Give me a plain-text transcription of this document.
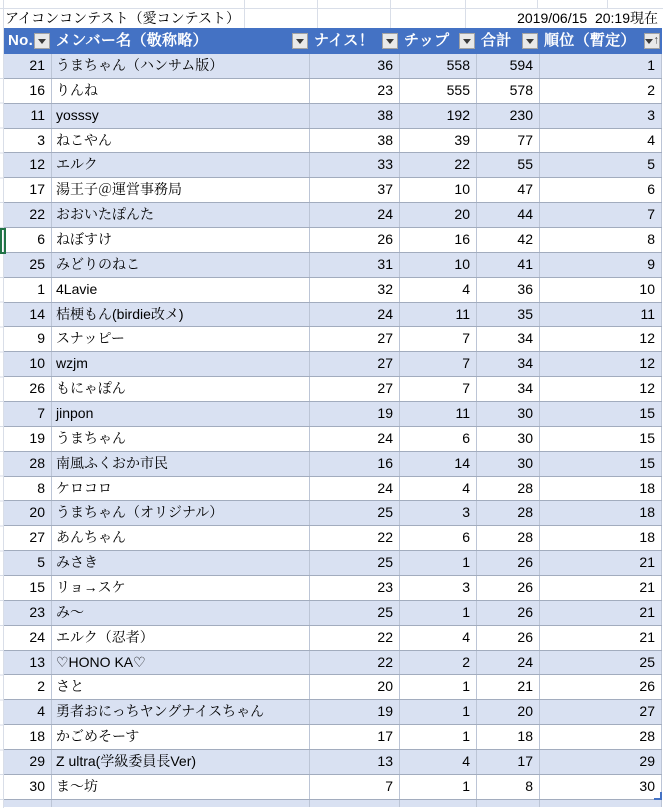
アイコンコンテスト（愛コンテスト）	2019/06/15  20:19現在
No.	メンバー名（敬称略）	ナイス！	チップ	合計	順位（暫定） ↑
21 うまちゃん（ハンサム版）	36	558	594	1
16 りんね	23	555	578	2
11 yosssy	38	192	230	3
3 ねこやん	38	39	77	4
12 エルク	33	22	55	5
17 湯王子＠運営事務局	37	10	47	6
22 おおいたぽんた	24	20	44	7
6 ねぼすけ	26	16	42	8
25 みどりのねこ	31	10	41	9
1 4Lavie	32	4	36	10
14 桔梗もん(birdie改メ)	24	11	35	11
9 スナッピー	27	7	34	12
10 wzjm	27	7	34	12
26 もにゃぽん	27	7	34	12
7 jinpon	19	11	30	15
19 うまちゃん	24	6	30	15
28 南風ふくおか市民	16	14	30	15
8 ケロコロ	24	4	28	18
20 うまちゃん（オリジナル）	25	3	28	18
27 あんちゃん	22	6	28	18
5 みさき	25	1	26	21
15 リョ→スケ	23	3	26	21
23 み～	25	1	26	21
24 エルク（忍者）	22	4	26	21
13 ♡HONO KA♡	22	2	24	25
2 さと	20	1	21	26
4 勇者おにっちヤングナイスちゃん	19	1	20	27
18 かごめそーす	17	1	18	28
29 Z ultra(学級委員長Ver)	13	4	17	29
30 ま～坊	7	1	8	30
